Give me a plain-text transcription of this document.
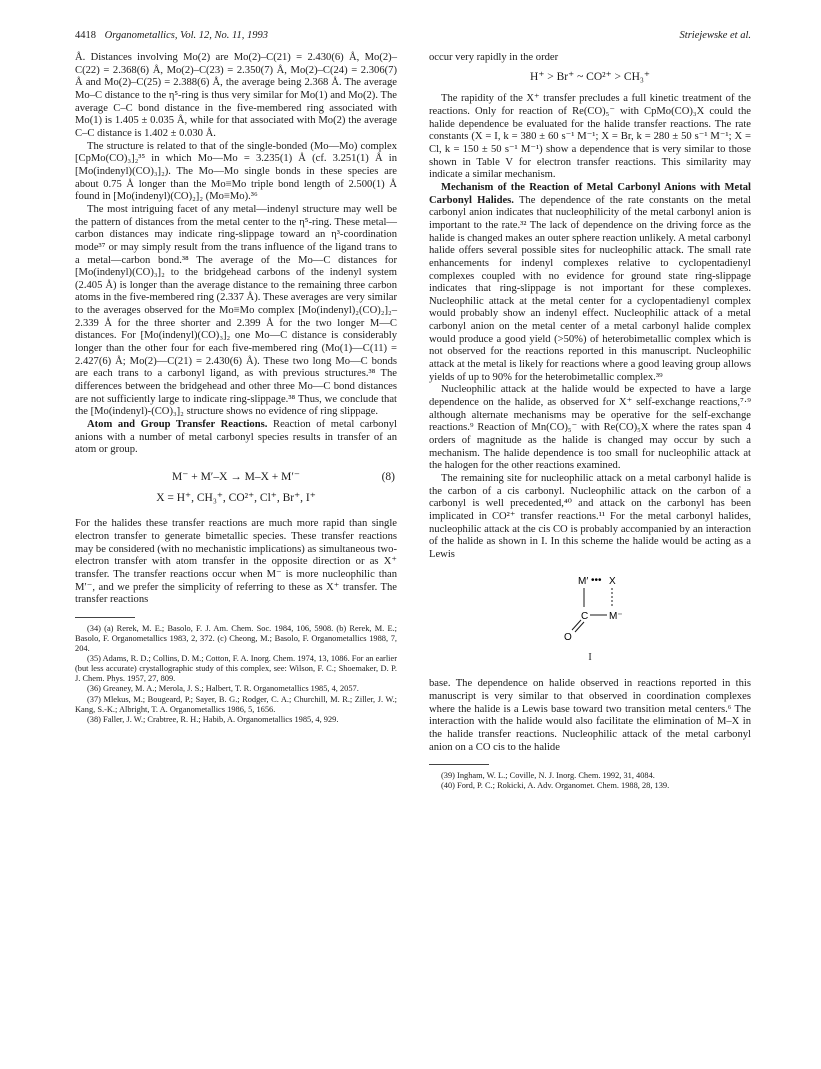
4418 Organometallics, Vol. 12, No. 11, 1993	Striejewske et al.

Å. Distances involving Mo(2) are Mo(2)–C(21) = 2.430(6) Å, Mo(2)–C(22) = 2.368(6) Å, Mo(2)–C(23) = 2.350(7) Å, Mo(2)–C(24) = 2.306(7) Å and Mo(2)–C(25) = 2.388(6) Å, the average being 2.368 Å. The average Mo–C distance to the η⁵-ring is thus very similar for Mo(1) and Mo(2). The average C–C bond distance in the five-membered ring associated with Mo(1) is 1.405 ± 0.035 Å, while for that associated with Mo(2) the average C–C distance is 1.402 ± 0.030 Å.

The structure is related to that of the single-bonded (Mo—Mo) complex [CpMo(CO)₃]₂³⁵ in which Mo—Mo = 3.235(1) Å (cf. 3.251(1) Å in [Mo(indenyl)(CO)₃]₂). The Mo—Mo single bonds in these species are about 0.75 Å longer than the Mo≡Mo triple bond length of 2.500(1) Å found in [Mo(indenyl)(CO)₂]₂ (Mo≡Mo).³⁶

The most intriguing facet of any metal—indenyl structure may well be the pattern of distances from the metal center to the η⁵-ring. These metal—carbon distances may indicate ring-slippage toward an η³-coordination mode³⁷ or may simply result from the trans influence of the ligand trans to a metal—carbon bond.³⁸ The average of the Mo—C distances for [Mo(indenyl)(CO)₃]₂ to the bridgehead carbons of the indenyl system (2.405 Å) is longer than the average distance to the remaining three carbon atoms in the five-membered ring (2.337 Å). These averages are very similar to the averages observed for the Mo≡Mo complex [Mo(indenyl)₂(CO)₂]₂–2.339 Å for the three shorter and 2.399 Å for the two longer M—C distances. For [Mo(indenyl)(CO)₃]₂ one Mo—C distance is considerably longer than the other four for each five-membered ring (Mo(1)—C(11) = 2.427(6) Å; Mo(2)—C(21) = 2.430(6) Å). These two long Mo—C bonds are each trans to a carbonyl ligand, as with previous structures.³⁸ The differences between the bridgehead and other three Mo—C bond distances are not sufficiently large to indicate ring-slippage.³⁸ Thus, we conclude that the [Mo(indenyl)-(CO)₃]₂ structure shows no evidence of ring slippage.

Atom and Group Transfer Reactions. Reaction of metal carbonyl anions with a number of metal carbonyl species results in transfer of an atom or group.

M⁻ + M′–X → M–X + M′⁻	(8)
X = H⁺, CH₃⁺, CO²⁺, Cl⁺, Br⁺, I⁺

For the halides these transfer reactions are much more rapid than single electron transfer to generate bimetallic species. These transfer reactions may be considered (with no mechanistic implications) as simultaneous two-electron transfer with atom transfer in the opposite direction or as X⁺ transfer. The transfer reactions occur when M⁻ is more nucleophilic than M′⁻, and we prefer the simplicity of referring to these as X⁺ transfer. The transfer reactions

(34) (a) Rerek, M. E.; Basolo, F. J. Am. Chem. Soc. 1984, 106, 5908. (b) Rerek, M. E.; Basolo, F. Organometallics 1983, 2, 372. (c) Cheong, M.; Basolo, F. Organometallics 1988, 7, 204.

(35) Adams, R. D.; Collins, D. M.; Cotton, F. A. Inorg. Chem. 1974, 13, 1086. For an earlier (but less accurate) crystallographic study of this complex, see: Wilson, F. C.; Shoemaker, D. P. J. Chem. Phys. 1957, 27, 809.

(36) Greaney, M. A.; Merola, J. S.; Halbert, T. R. Organometallics 1985, 4, 2057.

(37) Mlekus, M.; Bougeard, P.; Sayer, B. G.; Rodger, C. A.; Churchill, M. R.; Ziller, J. W.; Kang, S.-K.; Albright, T. A. Organometallics 1986, 5, 1656.

(38) Faller, J. W.; Crabtree, R. H.; Habib, A. Organometallics 1985, 4, 929.

occur very rapidly in the order

H⁺ > Br⁺ ~ CO²⁺ > CH₃⁺

The rapidity of the X⁺ transfer precludes a full kinetic treatment of the reactions. Only for reaction of Re(CO)₅⁻ with CpMo(CO)₃X could the halide dependence be evaluated for the halide transfer reactions. The rate constants (X = I, k = 380 ± 60 s⁻¹ M⁻¹; X = Br, k = 280 ± 50 s⁻¹ M⁻¹; X = Cl, k = 150 ± 50 s⁻¹ M⁻¹) show a dependence that is very similar to those shown in Table V for electron transfer reactions. This similarity may indicate a similar mechanism.

Mechanism of the Reaction of Metal Carbonyl Anions with Metal Carbonyl Halides. The dependence of the rate constants on the metal carbonyl anion indicates that nucleophilicity of the metal carbonyl anion is important to the rate.³² The lack of dependence on the driving force as the halide is changed makes an outer sphere reaction unlikely. A metal carbonyl halide offers several possible sites for nucleophilic attack. The small rate enhancements for indenyl complexes relative to cyclopentadienyl complexes coupled with no evidence for ground state ring-slippage indicates that ring-slippage is not important for these complexes. Nucleophilic attack at the metal center for a cyclopentadienyl complex would probably show an indenyl effect. Nucleophilic attack of a metal carbonyl anion on the metal center of a metal carbonyl halide complex would produce a good yield (>50%) of heterobimetallic complex which is not observed for the reactions reported in this manuscript. Nucleophilic attack at the metal is likely for reactions where a good leaving group allows yields of up to 90% for the heterobimetallic complex.³⁹

Nucleophilic attack at the halide would be expected to have a large dependence on the halide, as observed for X⁺ self-exchange reactions,⁷·⁹ although alternate mechanisms may be operative for the self-exchange reactions.⁹ Reaction of Mn(CO)₅⁻ with Re(CO)₅X where the rates span 4 orders of magnitude as the halide is changed may occur by such a mechanism. The halide dependence is too small for nucleophilic attack at the halogen for the other reactions examined.

The remaining site for nucleophilic attack on a metal carbonyl halide is the carbon of a cis carbonyl. Nucleophilic attack on the carbon of a carbonyl is well precedented,⁴⁰ and attack on the carbonyl has been implicated in CO²⁺ transfer reactions.¹¹ For the metal carbonyl halides, nucleophilic attack at the cis CO is probably accompanied by an interaction of the halide as shown in I. In this scheme the halide would be acting as a Lewis

M′ ••• X
C M⁻
O
I

base. The dependence on halide observed in reactions reported in this manuscript is very similar to that observed in coordination complexes where the halide is a Lewis base toward two transition metal centers.⁶ The interaction with the halide would also facilitate the elimination of M–X in the halide transfer reactions. Nucleophilic attack of the metal carbonyl anion on a CO cis to the halide

(39) Ingham, W. L.; Coville, N. J. Inorg. Chem. 1992, 31, 4084.

(40) Ford, P. C.; Rokicki, A. Adv. Organomet. Chem. 1988, 28, 139.
